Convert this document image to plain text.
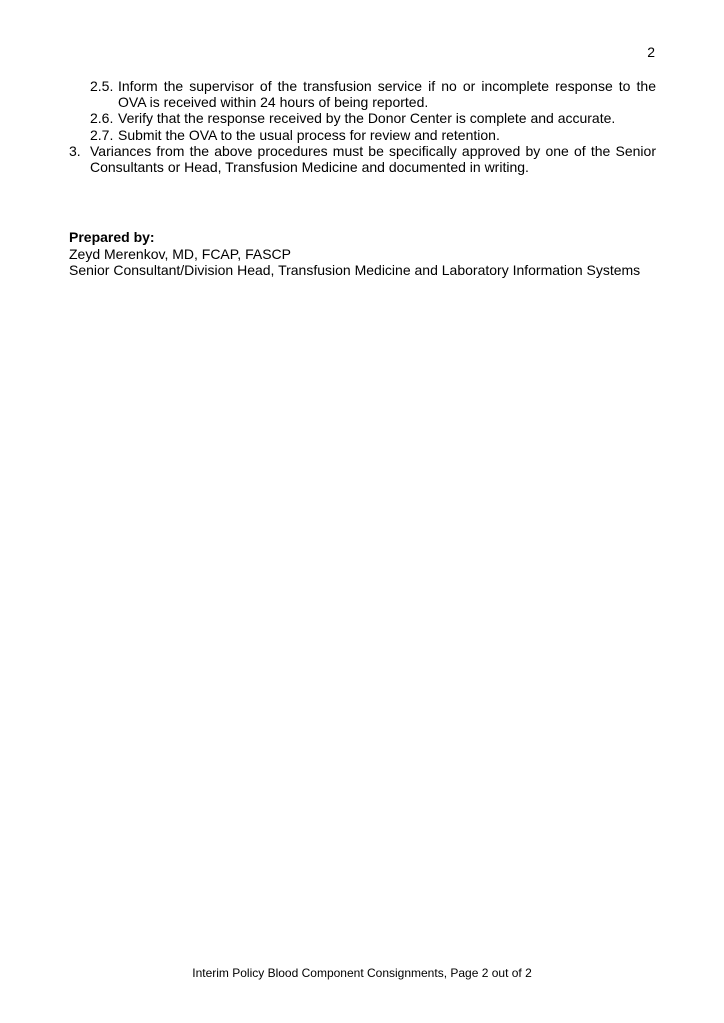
2
2.5. Inform the supervisor of the transfusion service if no or incomplete response to the OVA is received within 24 hours of being reported.
2.6. Verify that the response received by the Donor Center is complete and accurate.
2.7. Submit the OVA to the usual process for review and retention.
3. Variances from the above procedures must be specifically approved by one of the Senior Consultants or Head, Transfusion Medicine and documented in writing.
Prepared by:
Zeyd Merenkov, MD, FCAP, FASCP
Senior Consultant/Division Head, Transfusion Medicine and Laboratory Information Systems
Interim Policy Blood Component Consignments, Page 2 out of 2
